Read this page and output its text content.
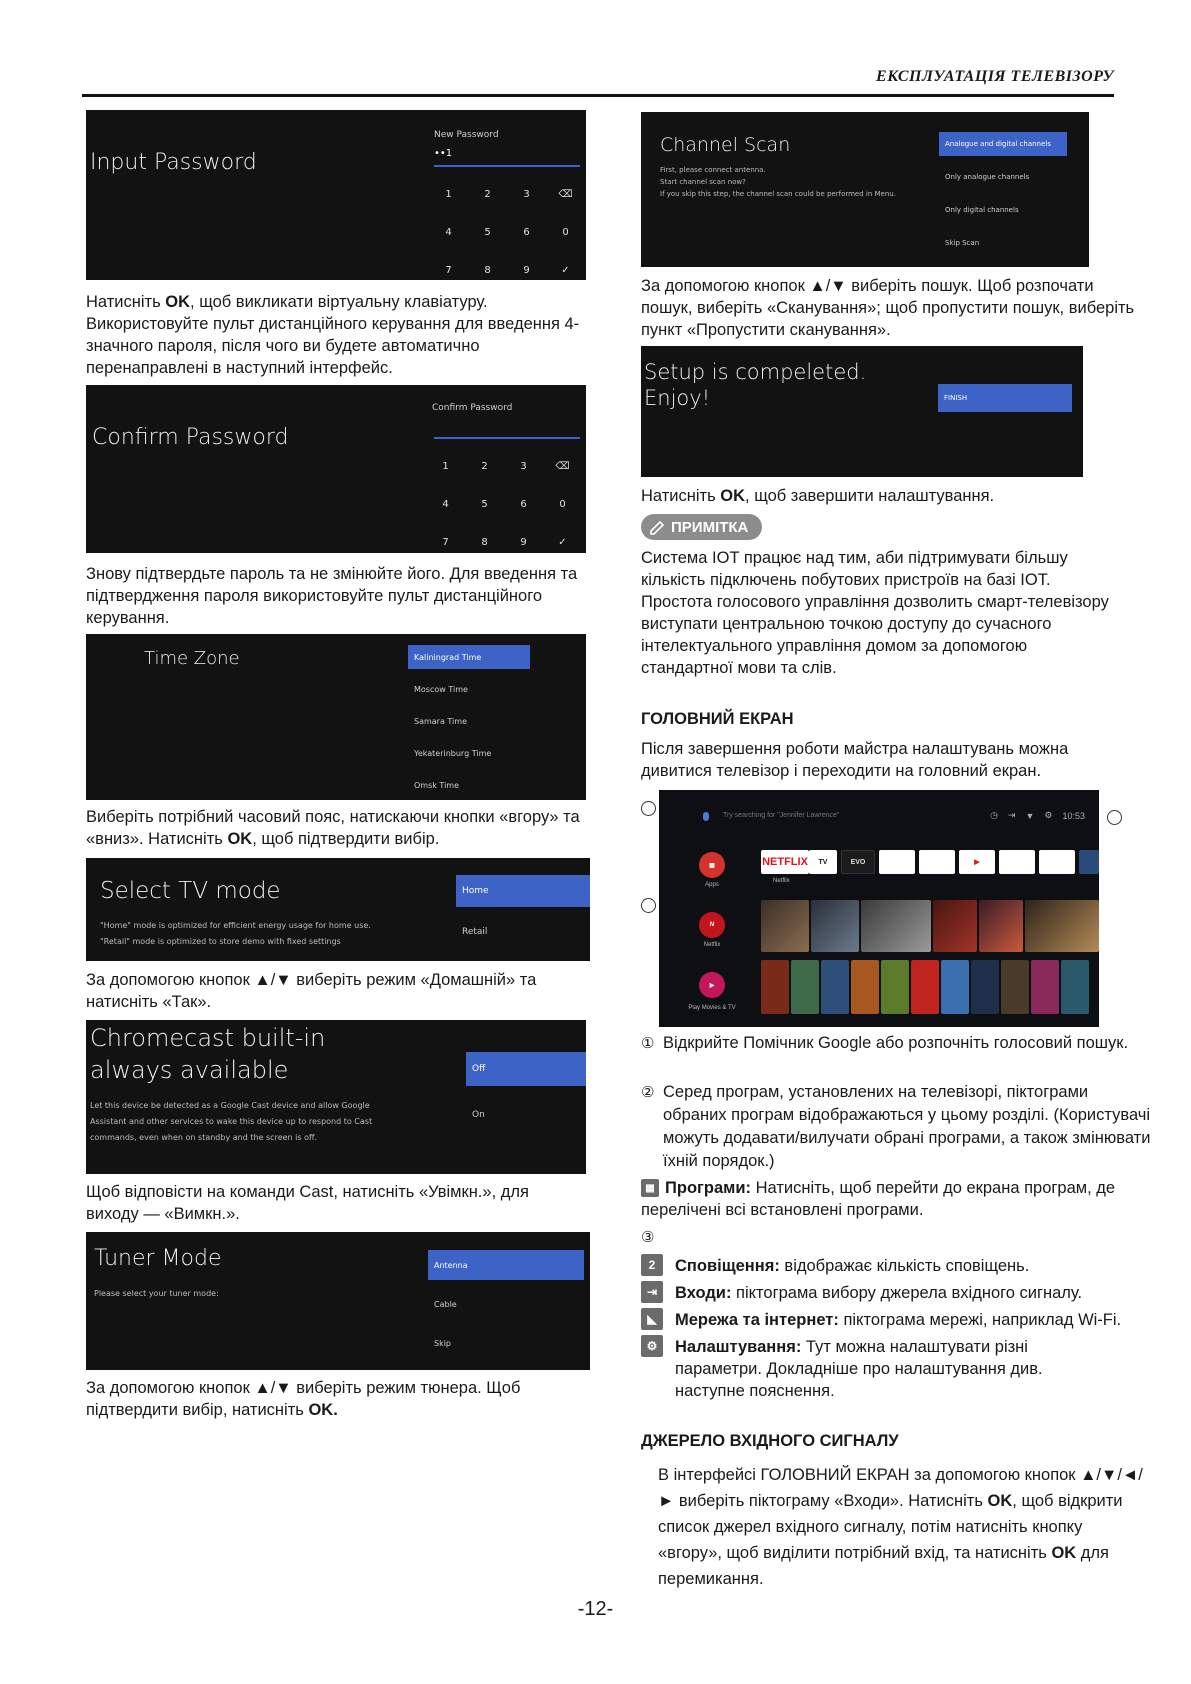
ЕКСПЛУАТАЦІЯ ТЕЛЕВІЗОРУ
Input Password
New Password
••1
1	2	3	⌫
4	5	6	0
7	8	9	✓

Натисніть OK, щоб викликати віртуальну клавіатуру.
Використовуйте пульт дистанційного керування для введення 4-значного пароля, після чого ви будете автоматично перенаправлені в наступний інтерфейс.

Confirm Password
Confirm Password
1	2	3	⌫
4	5	6	0
7	8	9	✓

Знову підтвердьте пароль та не змінюйте його. Для введення та підтвердження пароля використовуйте пульт дистанційного керування.

Time Zone	Kaliningrad Time
Moscow Time
Samara Time
Yekaterinburg Time
Omsk Time

Виберіть потрібний часовий пояс, натискаючи кнопки «вгору» та «вниз». Натисніть OK, щоб підтвердити вибір.

Select TV mode
"Home" mode is optimized for efficient energy usage for home use.
"Retail" mode is optimized to store demo with fixed settings
Home
Retail

За допомогою кнопок ▲/▼ виберіть режим «Домашній» та натисніть «Так».

Chromecast built-in
always available
Let this device be detected as a Google Cast device and allow Google Assistant and other services to wake this device up to respond to Cast commands, even when on standby and the screen is off.
Off
On

Щоб відповісти на команди Cast, натисніть «Увімкн.», для виходу — «Вимкн.».

Tuner Mode
Please select your tuner mode:
Antenna
Cable
Skip

За допомогою кнопок ▲/▼ виберіть режим тюнера. Щоб підтвердити вибір, натисніть OK.

Channel Scan
First, please connect antenna.
Start channel scan now?
If you skip this step, the channel scan could be performed in Menu.
Analogue and digital channels
Only analogue channels
Only digital channels
Skip Scan

За допомогою кнопок ▲/▼ виберіть пошук. Щоб розпочати пошук, виберіть «Сканування»; щоб пропустити пошук, виберіть пункт «Пропустити сканування».

Setup is compeleted.
Enjoy!	FINISH

Натисніть OK, щоб завершити налаштування.

ПРИМІТКА

Система IOT працює над тим, аби підтримувати більшу кількість підключень побутових пристроїв на базі IOT. Простота голосового управління дозволить смарт-телевізору виступати центральною точкою доступу до сучасного інтелектуального управління домом за допомогою стандартної мови та слів.

ГОЛОВНИЙ ЕКРАН

Після завершення роботи майстра налаштувань можна дивитися телевізор і переходити на головний екран.

Try searching for "Jennifer Lawrence"	◷ ⇥ ▼ ⚙ 10:53
▦
Apps
N
Netflix
▶
Play Movies & TV
NETFLIX	TV	EVO	▶
Netflix
① Відкрийте Помічник Google або розпочніть голосовий пошук.
② Серед програм, установлених на телевізорі, піктограми обраних програм відображаються у цьому розділі. (Користувачі можуть додавати/вилучати обрані програми, а також змінювати їхній порядок.)
▦ Програми: Натисніть, щоб перейти до екрана програм, де перелічені всі встановлені програми.

③
2	Сповіщення: відображає кількість сповіщень.

⇥	Входи: піктограма вибору джерела вхідного сигналу.

◣	Мережа та інтернет: піктограма мережі, наприклад Wi-Fi.

⚙	Налаштування: Тут можна налаштувати різні параметри. Докладніше про налаштування див. наступне пояснення.

ДЖЕРЕЛО ВХІДНОГО СИГНАЛУ

В інтерфейсі ГОЛОВНИЙ ЕКРАН за допомогою кнопок ▲/▼/◄/► виберіть піктограму «Входи». Натисніть OK, щоб відкрити список джерел вхідного сигналу, потім натисніть кнопку «вгору», щоб виділити потрібний вхід, та натисніть OK для перемикання.

-12-
